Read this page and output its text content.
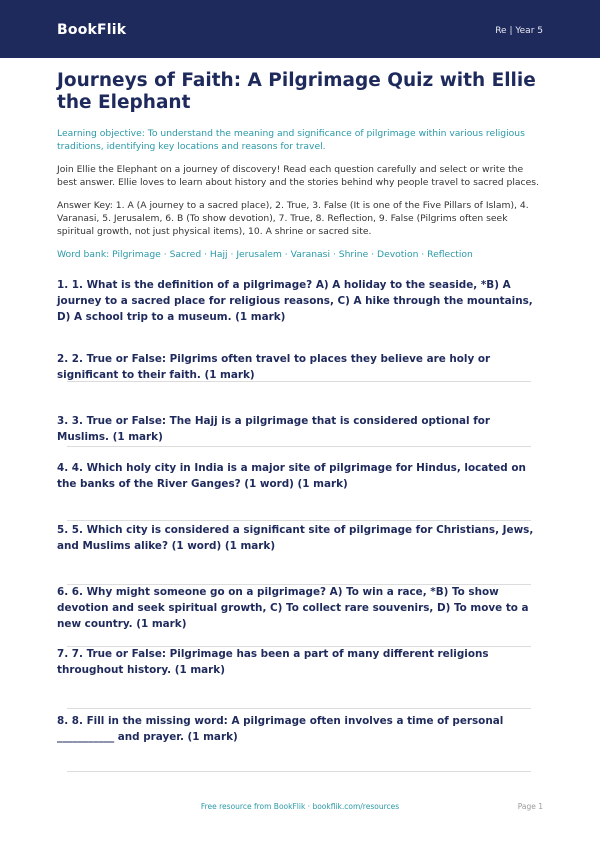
BookFlik	Re | Year 5
Journeys of Faith: A Pilgrimage Quiz with Ellie the Elephant

Learning objective: To understand the meaning and significance of pilgrimage within various religious traditions, identifying key locations and reasons for travel.

Join Ellie the Elephant on a journey of discovery! Read each question carefully and select or write the best answer. Ellie loves to learn about history and the stories behind why people travel to sacred places.

Answer Key: 1. A (A journey to a sacred place), 2. True, 3. False (It is one of the Five Pillars of Islam), 4. Varanasi, 5. Jerusalem, 6. B (To show devotion), 7. True, 8. Reflection, 9. False (Pilgrims often seek spiritual growth, not just physical items), 10. A shrine or sacred site.

Word bank: Pilgrimage · Sacred · Hajj · Jerusalem · Varanasi · Shrine · Devotion · Reflection

1. 1. What is the definition of a pilgrimage? A) A holiday to the seaside, *B) A journey to a sacred place for religious reasons, C) A hike through the mountains, D) A school trip to a museum. (1 mark)
2. 2. True or False: Pilgrims often travel to places they believe are holy or significant to their faith. (1 mark)
3. 3. True or False: The Hajj is a pilgrimage that is considered optional for Muslims. (1 mark)
4. 4. Which holy city in India is a major site of pilgrimage for Hindus, located on the banks of the River Ganges? (1 word) (1 mark)
5. 5. Which city is considered a significant site of pilgrimage for Christians, Jews, and Muslims alike? (1 word) (1 mark)
6. 6. Why might someone go on a pilgrimage? A) To win a race, *B) To show devotion and seek spiritual growth, C) To collect rare souvenirs, D) To move to a new country. (1 mark)
7. 7. True or False: Pilgrimage has been a part of many different religions throughout history. (1 mark)
8. 8. Fill in the missing word: A pilgrimage often involves a time of personal ___________ and prayer. (1 mark)
Free resource from BookFlik · bookflik.com/resources	Page 1
